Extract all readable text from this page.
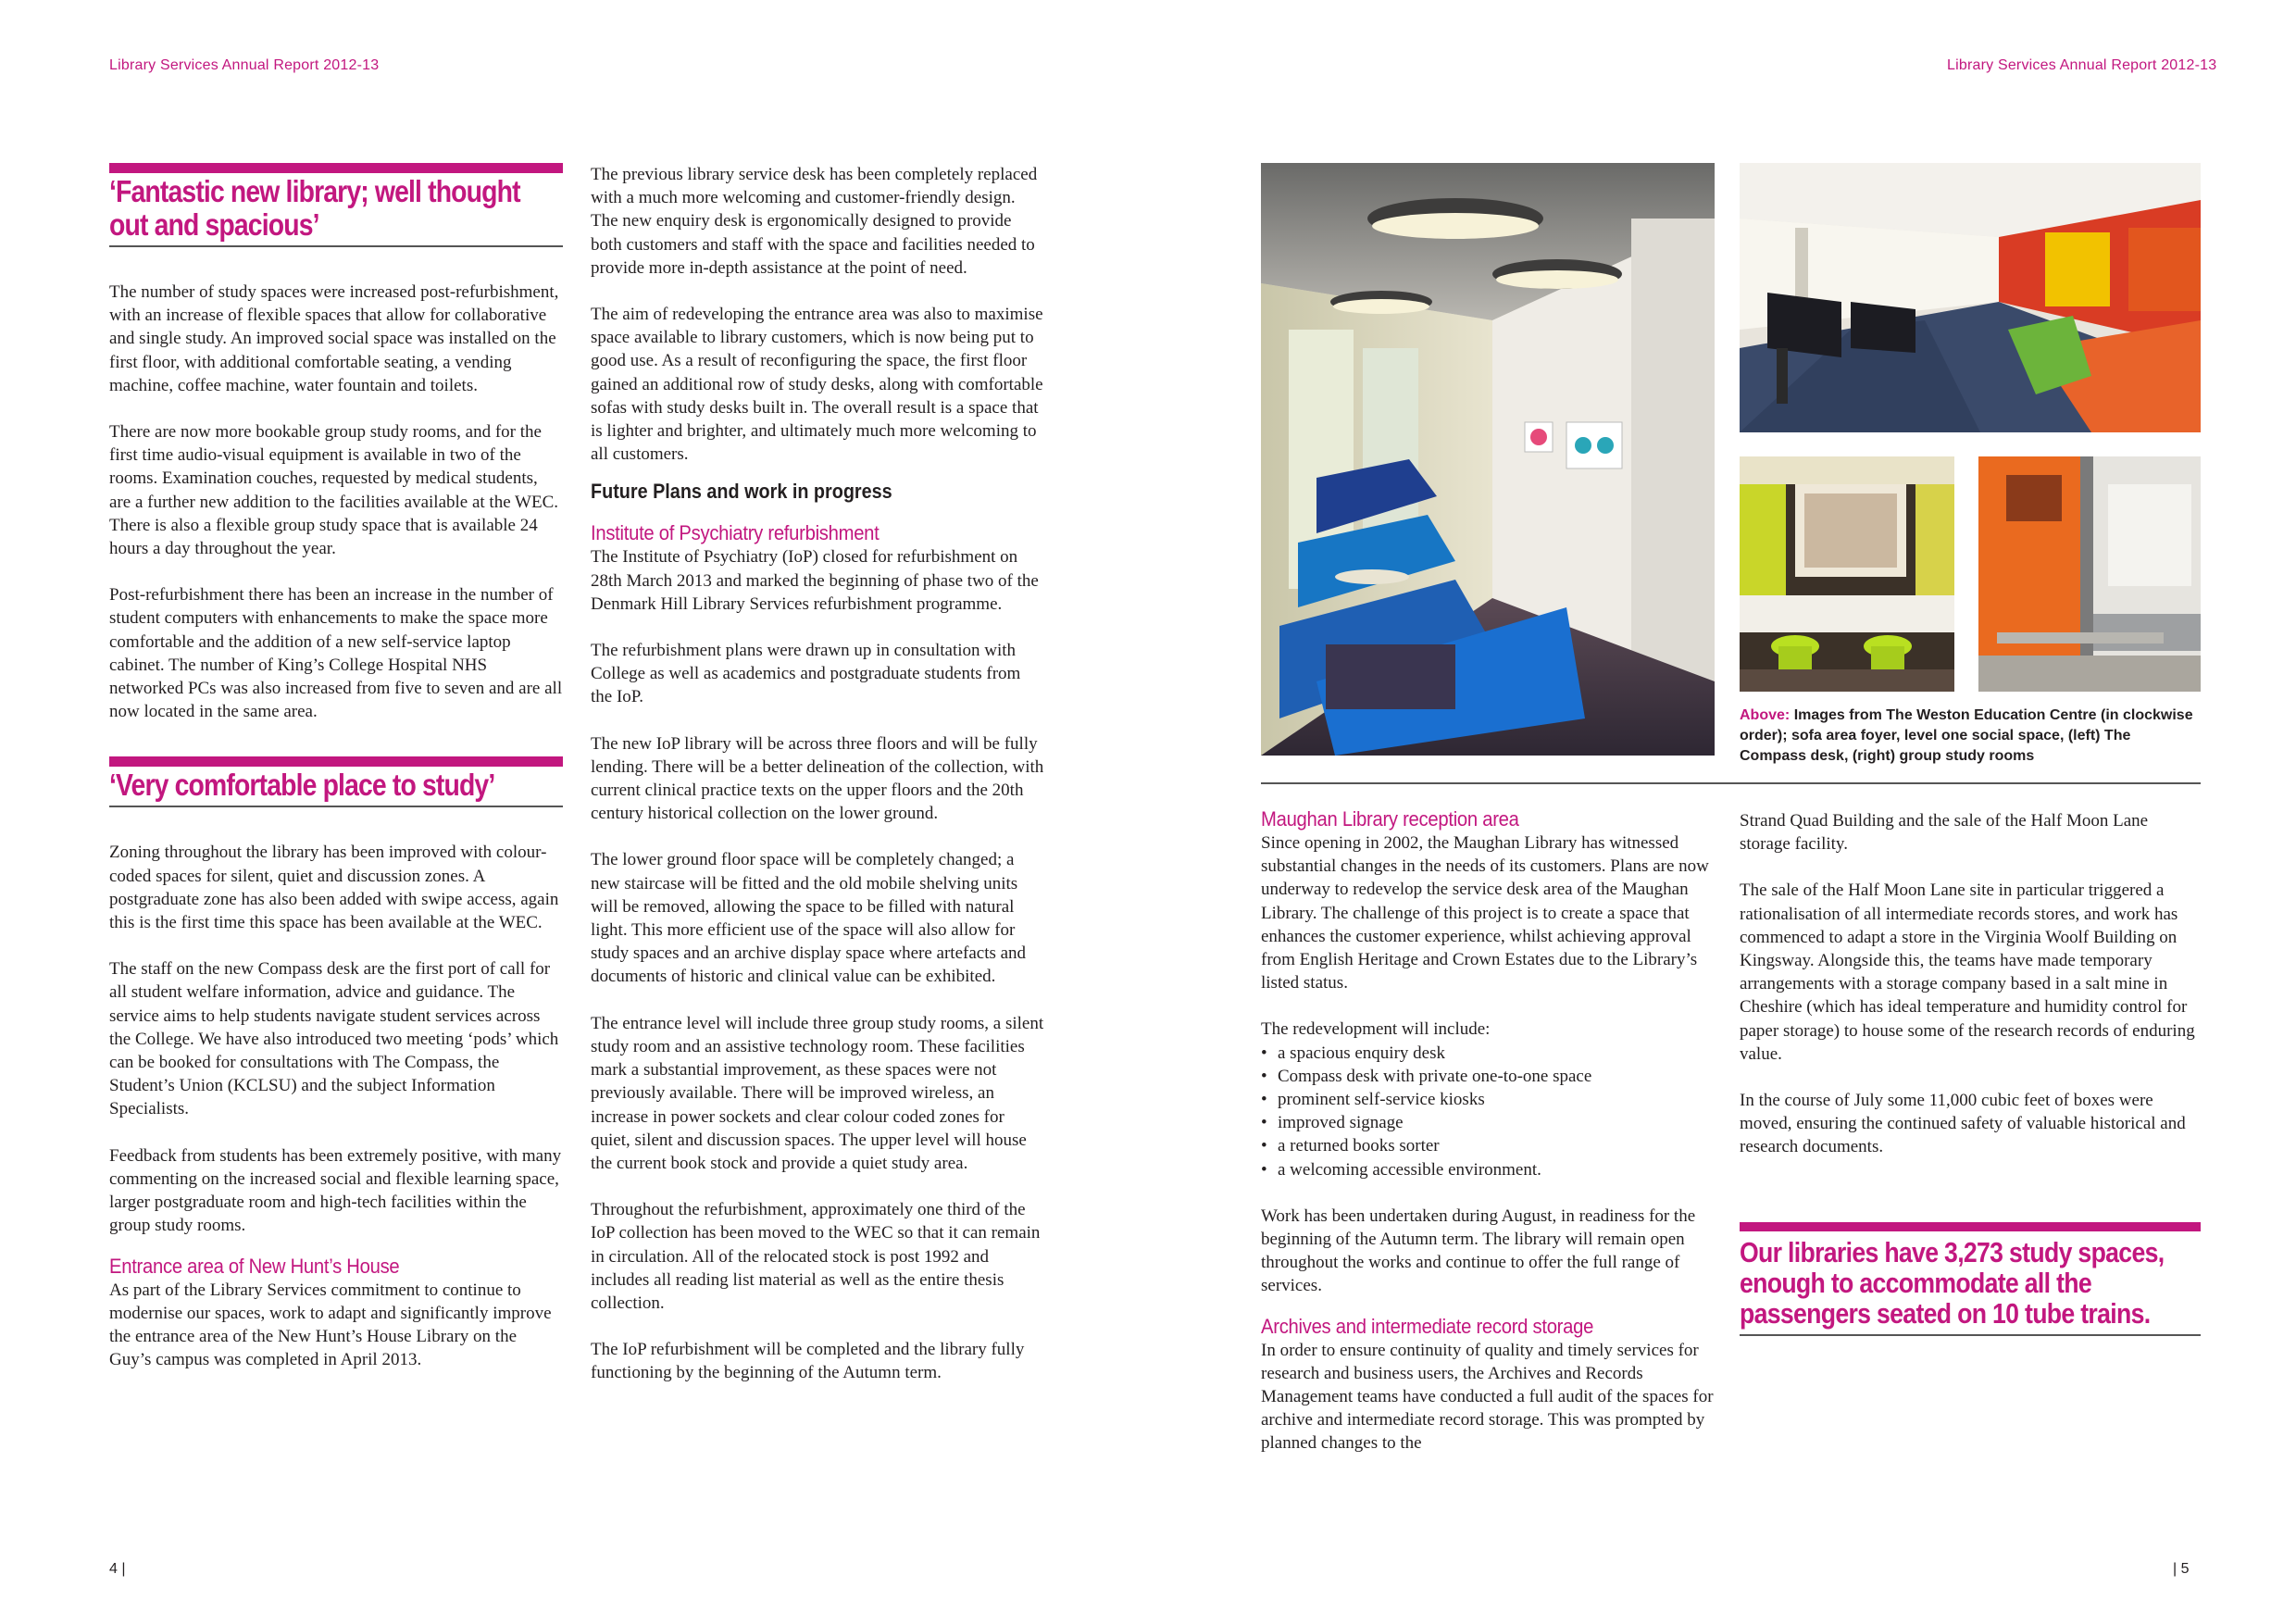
Library Services Annual Report 2012-13	Library Services Annual Report 2012-13
‘Fantastic new library; well thought out and spacious’

The number of study spaces were increased post-refurbishment, with an increase of flexible spaces that allow for collaborative and single study. An improved social space was installed on the first floor, with additional comfortable seating, a vending machine, coffee machine, water fountain and toilets.

There are now more bookable group study rooms, and for the first time audio-visual equipment is available in two of the rooms. Examination couches, requested by medical students, are a further new addition to the facilities available at the WEC. There is also a flexible group study space that is available 24 hours a day throughout the year.

Post-refurbishment there has been an increase in the number of student computers with enhancements to make the space more comfortable and the addition of a new self-service laptop cabinet. The number of King’s College Hospital NHS networked PCs was also increased from five to seven and are all now located in the same area.

‘Very comfortable place to study’

Zoning throughout the library has been improved with colour-coded spaces for silent, quiet and discussion zones. A postgraduate zone has also been added with swipe access, again this is the first time this space has been available at the WEC.

The staff on the new Compass desk are the first port of call for all student welfare information, advice and guidance. The service aims to help students navigate student services across the College. We have also introduced two meeting ‘pods’ which can be booked for consultations with The Compass, the Student’s Union (KCLSU) and the subject Information Specialists.

Feedback from students has been extremely positive, with many commenting on the increased social and flexible learning space, larger postgraduate room and high-tech facilities within the group study rooms.

Entrance area of New Hunt’s House

As part of the Library Services commitment to continue to modernise our spaces, work to adapt and significantly improve the entrance area of the New Hunt’s House Library on the Guy’s campus was completed in April 2013.

The previous library service desk has been completely replaced with a much more welcoming and customer-friendly design. The new enquiry desk is ergonomically designed to provide both customers and staff with the space and facilities needed to provide more in-depth assistance at the point of need.

The aim of redeveloping the entrance area was also to maximise space available to library customers, which is now being put to good use. As a result of reconfiguring the space, the first floor gained an additional row of study desks, along with comfortable sofas with study desks built in. The overall result is a space that is lighter and brighter, and ultimately much more welcoming to all customers.

Future Plans and work in progress
Institute of Psychiatry refurbishment

The Institute of Psychiatry (IoP) closed for refurbishment on 28th March 2013 and marked the beginning of phase two of the Denmark Hill Library Services refurbishment programme.

The refurbishment plans were drawn up in consultation with College as well as academics and postgraduate students from the IoP.

The new IoP library will be across three floors and will be fully lending. There will be a better delineation of the collection, with current clinical practice texts on the upper floors and the 20th century historical collection on the lower ground.

The lower ground floor space will be completely changed; a new staircase will be fitted and the old mobile shelving units will be removed, allowing the space to be filled with natural light. This more efficient use of the space will also allow for study spaces and an archive display space where artefacts and documents of historic and clinical value can be exhibited.

The entrance level will include three group study rooms, a silent study room and an assistive technology room. These facilities mark a substantial improvement, as these spaces were not previously available. There will be improved wireless, an increase in power sockets and clear colour coded zones for quiet, silent and discussion spaces. The upper level will house the current book stock and provide a quiet study area.

Throughout the refurbishment, approximately one third of the IoP collection has been moved to the WEC so that it can remain in circulation. All of the relocated stock is post 1992 and includes all reading list material as well as the entire thesis collection.

The IoP refurbishment will be completed and the library fully functioning by the beginning of the Autumn term.

Above: Images from The Weston Education Centre (in clockwise order); sofa area foyer, level one social space, (left) The Compass desk, (right) group study rooms
Maughan Library reception area

Since opening in 2002, the Maughan Library has witnessed substantial changes in the needs of its customers. Plans are now underway to redevelop the service desk area of the Maughan Library. The challenge of this project is to create a space that enhances the customer experience, whilst achieving approval from English Heritage and Crown Estates due to the Library’s listed status.

The redevelopment will include:
• a spacious enquiry desk
• Compass desk with private one-to-one space
• prominent self-service kiosks
• improved signage
• a returned books sorter
• a welcoming accessible environment.

Work has been undertaken during August, in readiness for the beginning of the Autumn term. The library will remain open throughout the works and continue to offer the full range of services.

Archives and intermediate record storage

In order to ensure continuity of quality and timely services for research and business users, the Archives and Records Management teams have conducted a full audit of the spaces for archive and intermediate record storage. This was prompted by planned changes to the

Strand Quad Building and the sale of the Half Moon Lane storage facility.

The sale of the Half Moon Lane site in particular triggered a rationalisation of all intermediate records stores, and work has commenced to adapt a store in the Virginia Woolf Building on Kingsway. Alongside this, the teams have made temporary arrangements with a storage company based in a salt mine in Cheshire (which has ideal temperature and humidity control for paper storage) to house some of the research records of enduring value.

In the course of July some 11,000 cubic feet of boxes were moved, ensuring the continued safety of valuable historical and research documents.

Our libraries have 3,273 study spaces, enough to accommodate all the passengers seated on 10 tube trains.

4 |	| 5
